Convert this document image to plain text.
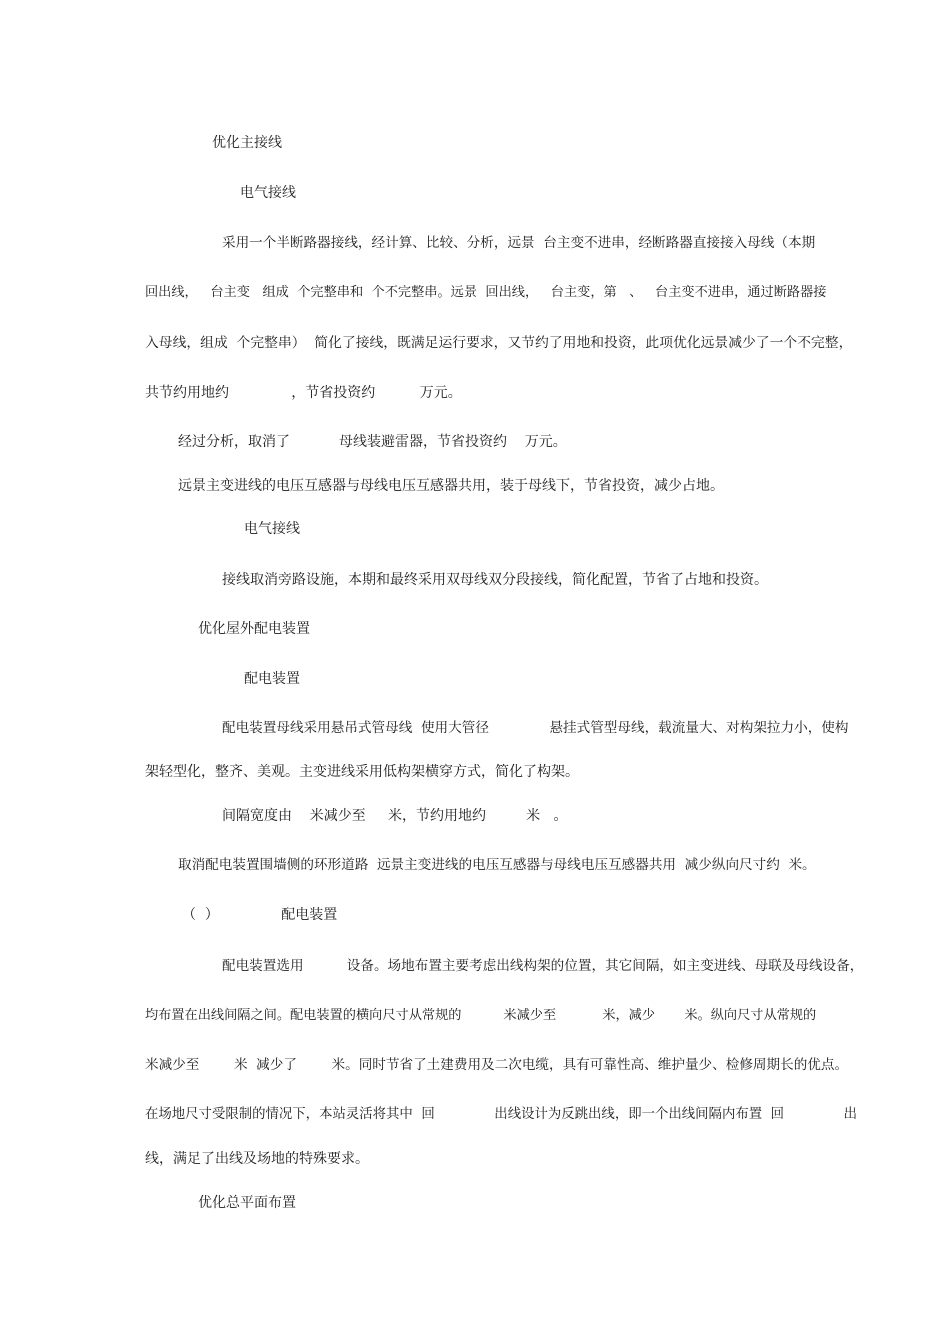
优化主接线
电气接线
采用一个半断路器接线，经计算、比较、分析，远景  台主变不进串，经断路器直接接入母线（本期
回出线，   台主变   组成  个完整串和  个不完整串。远景  回出线，   台主变，第   、   台主变不进串，通过断路器接
入母线，组成  个完整串）  简化了接线，既满足运行要求，又节约了用地和投资，此项优化远景减少了一个不完整，
共节约用地约              ，节省投资约          万元。
经过分析，取消了           母线装避雷器，节省投资约    万元。
远景主变进线的电压互感器与母线电压互感器共用，装于母线下，节省投资，减少占地。
电气接线
接线取消旁路设施，本期和最终采用双母线双分段接线，简化配置，节省了占地和投资。
优化屋外配电装置
配电装置
配电装置母线采用悬吊式管母线  使用大管径              悬挂式管型母线，载流量大、对构架拉力小，使构
架轻型化，整齐、美观。主变进线采用低构架横穿方式，简化了构架。
间隔宽度由    米减少至     米，节约用地约         米   。
取消配电装置围墙侧的环形道路  远景主变进线的电压互感器与母线电压互感器共用  减少纵向尺寸约  米。
（  ）              配电装置
配电装置选用          设备。场地布置主要考虑出线构架的位置，其它间隔，如主变进线、母联及母线设备，
均布置在出线间隔之间。配电装置的横向尺寸从常规的          米减少至           米，减少       米。纵向尺寸从常规的
米减少至        米  减少了        米。同时节省了土建费用及二次电缆，具有可靠性高、维护量少、检修周期长的优点。
在场地尺寸受限制的情况下，本站灵活将其中  回              出线设计为反跳出线，即一个出线间隔内布置  回              出
线，满足了出线及场地的特殊要求。
优化总平面布置
